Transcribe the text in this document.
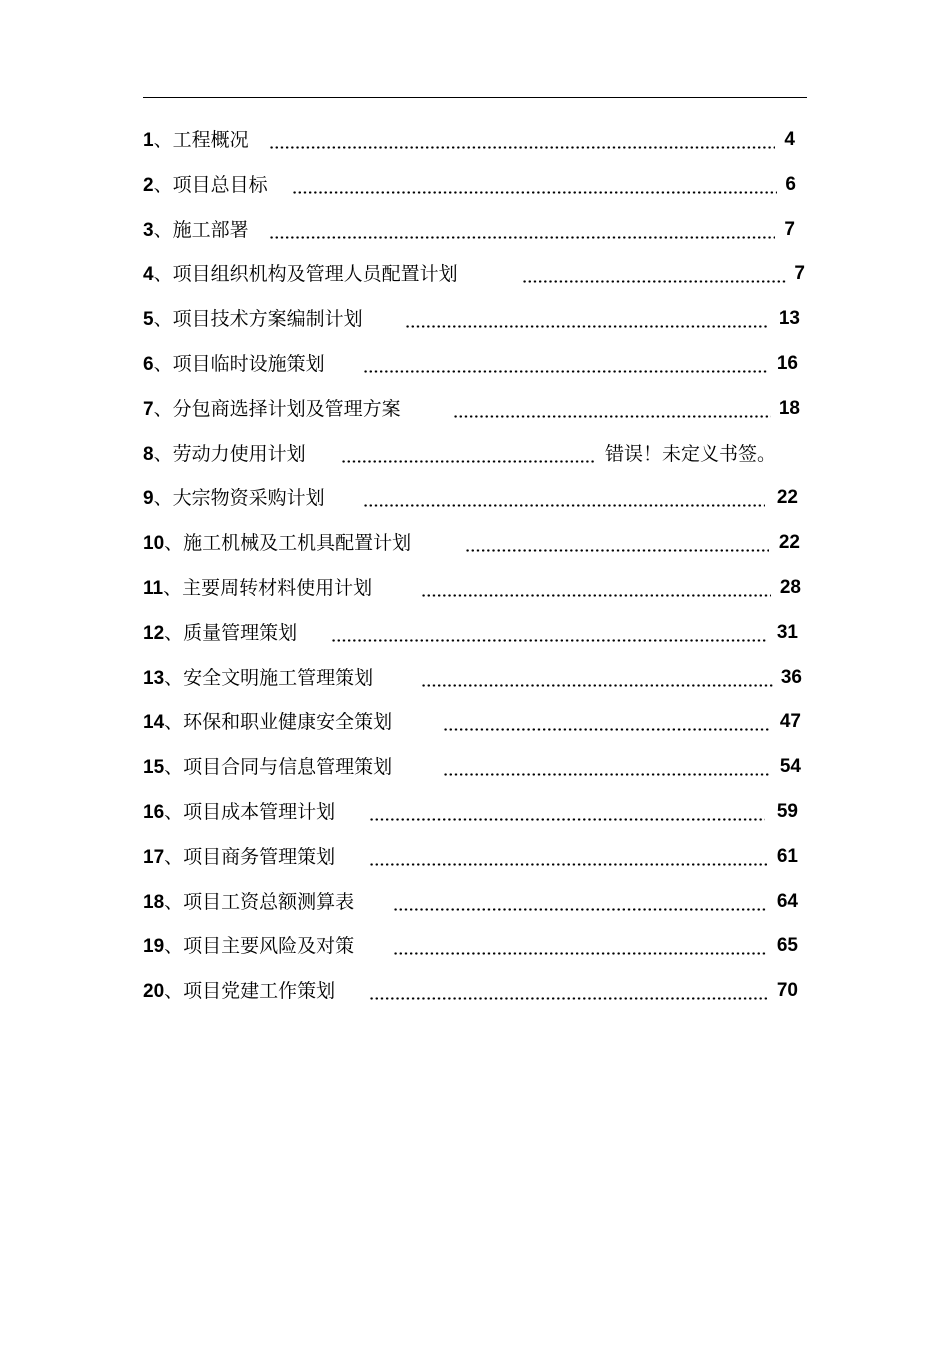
1 、 工程概况	4
2 、 项目总目标	6
3 、 施工部署	7
4 、 项目组织机构及管理人员配置计划	7
5 、 项目技术方案编制计划	13
6 、 项目临时设施策划	16
7 、 分包商选择计划及管理方案	18
8 、 劳动力使用计划	错误！未定义书签。
9 、 大宗物资采购计划	22
10 、 施工机械及工机具配置计划	22
11 、 主要周转材料使用计划	28
12 、 质量管理策划	31
13 、 安全文明施工管理策划	36
14 、 环保和职业健康安全策划	47
15 、 项目合同与信息管理策划	54
16 、 项目成本管理计划	59
17 、 项目商务管理策划	61
18 、 项目工资总额测算表	64
19 、 项目主要风险及对策	65
20 、 项目党建工作策划	70
